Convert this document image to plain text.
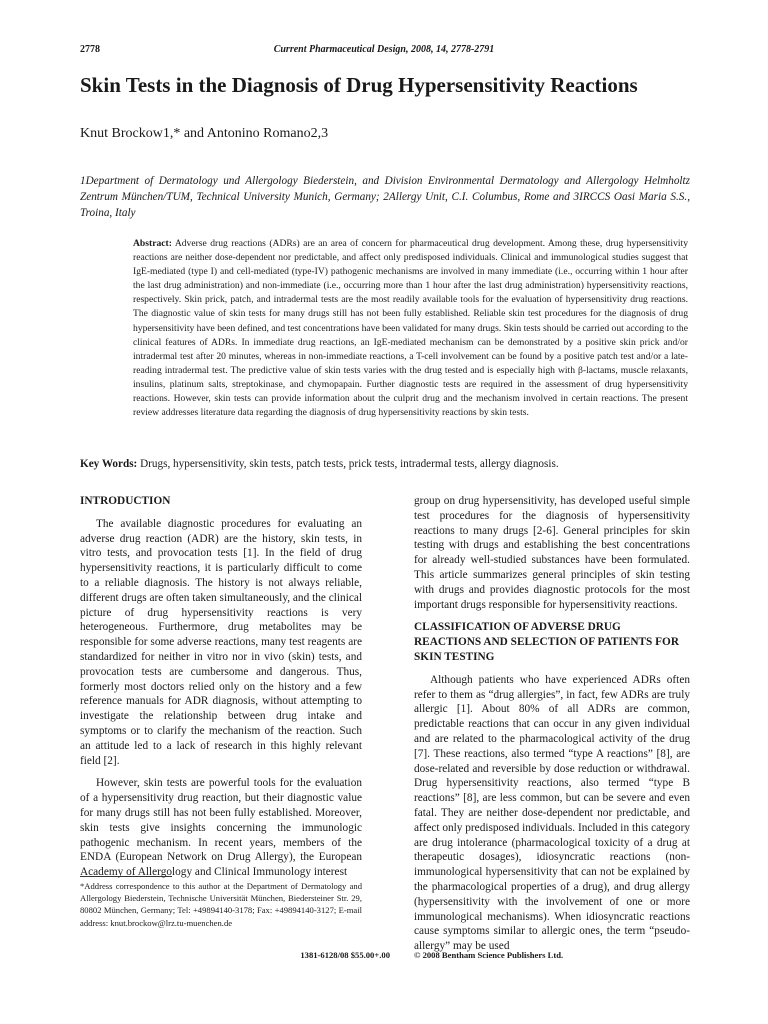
2778	Current Pharmaceutical Design, 2008, 14, 2778-2791
Skin Tests in the Diagnosis of Drug Hypersensitivity Reactions
Knut Brockow1,* and Antonino Romano2,3
1Department of Dermatology und Allergology Biederstein, and Division Environmental Dermatology and Allergology Helmholtz Zentrum München/TUM, Technical University Munich, Germany; 2Allergy Unit, C.I. Columbus, Rome and 3IRCCS Oasi Maria S.S., Troina, Italy
Abstract: Adverse drug reactions (ADRs) are an area of concern for pharmaceutical drug development. Among these, drug hypersensitivity reactions are neither dose-dependent nor predictable, and affect only predisposed individuals. Clinical and immunological studies suggest that IgE-mediated (type I) and cell-mediated (type-IV) pathogenic mechanisms are involved in many immediate (i.e., occurring within 1 hour after the last drug administration) and non-immediate (i.e., occurring more than 1 hour after the last drug administration) hypersensitivity reactions, respectively. Skin prick, patch, and intradermal tests are the most readily available tools for the evaluation of hypersensitivity drug reactions. The diagnostic value of skin tests for many drugs still has not been fully established. Reliable skin test procedures for the diagnosis of drug hypersensitivity have been defined, and test concentrations have been validated for many drugs. Skin tests should be carried out according to the clinical features of ADRs. In immediate drug reactions, an IgE-mediated mechanism can be demonstrated by a positive skin prick and/or intradermal test after 20 minutes, whereas in non-immediate reactions, a T-cell involvement can be found by a positive patch test and/or a late-reading intradermal test. The predictive value of skin tests varies with the drug tested and is especially high with β-lactams, muscle relaxants, insulins, platinum salts, streptokinase, and chymopapain. Further diagnostic tests are required in the assessment of drug hypersensitivity reactions. However, skin tests can provide information about the culprit drug and the mechanism involved in certain reactions. The present review addresses literature data regarding the diagnosis of drug hypersensitivity reactions by skin tests.
Key Words: Drugs, hypersensitivity, skin tests, patch tests, prick tests, intradermal tests, allergy diagnosis.
INTRODUCTION

The available diagnostic procedures for evaluating an adverse drug reaction (ADR) are the history, skin tests, in vitro tests, and provocation tests [1]. In the field of drug hypersensitivity reactions, it is particularly difficult to come to a reliable diagnosis. The history is not always reliable, different drugs are often taken simultaneously, and the clinical picture of drug hypersensitivity reactions is very heterogeneous. Furthermore, drug metabolites may be responsible for some adverse reactions, many test reagents are standardized for neither in vitro nor in vivo (skin) tests, and provocation tests are cumbersome and dangerous. Thus, formerly most doctors relied only on the history and a few reference manuals for ADR diagnosis, without attempting to investigate the relationship between drug intake and symptoms or to clarify the mechanism of the reaction. Such an attitude led to a lack of research in this highly relevant field [2].

However, skin tests are powerful tools for the evaluation of a hypersensitivity drug reaction, but their diagnostic value for many drugs still has not been fully established. Moreover, skin tests give insights concerning the immunologic pathogenic mechanism. In recent years, members of the ENDA (European Network on Drug Allergy), the European Academy of Allergology and Clinical Immunology interest

group on drug hypersensitivity, has developed useful simple test procedures for the diagnosis of hypersensitivity reactions to many drugs [2-6]. General principles for skin testing with drugs and establishing the best concentrations for already well-studied substances have been formulated. This article summarizes general principles of skin testing with drugs and provides diagnostic protocols for the most important drugs responsible for hypersensitivity reactions.

CLASSIFICATION OF ADVERSE DRUG REACTIONS AND SELECTION OF PATIENTS FOR SKIN TESTING

Although patients who have experienced ADRs often refer to them as “drug allergies”, in fact, few ADRs are truly allergic [1]. About 80% of all ADRs are common, predictable reactions that can occur in any given individual and are related to the pharmacological activity of the drug [7]. These reactions, also termed “type A reactions” [8], are dose-related and reversible by dose reduction or withdrawal. Drug hypersensitivity reactions, also termed “type B reactions” [8], are less common, but can be severe and even fatal. They are neither dose-dependent nor predictable, and affect only predisposed individuals. Included in this category are drug intolerance (pharmacological toxicity of a drug at therapeutic dosages), idiosyncratic reactions (non-immunological hypersensitivity that can not be explained by the pharmacological properties of a drug), and drug allergy (hypersensitivity with the involvement of one or more immunological mechanisms). When idiosyncratic reactions cause symptoms similar to allergic ones, the term “pseudo-allergy” may be used

*Address correspondence to this author at the Department of Dermatology and Allergology Biederstein, Technische Universität München, Biedersteiner Str. 29, 80802 München, Germany; Tel: +49894140-3178; Fax: +49894140-3127; E-mail address: knut.brockow@lrz.tu-muenchen.de
1381-6128/08 $55.00+.00	© 2008 Bentham Science Publishers Ltd.
